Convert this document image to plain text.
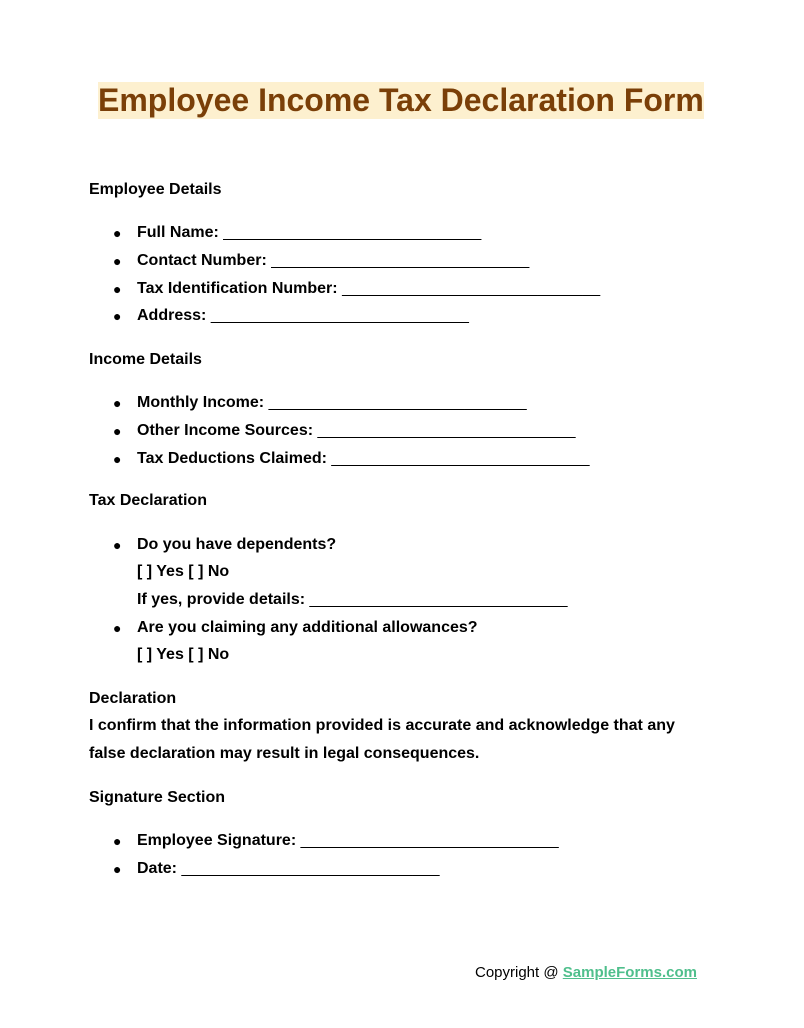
Employee Income Tax Declaration Form
Employee Details
● Full Name: _____________________________
● Contact Number: _____________________________
● Tax Identification Number: _____________________________
● Address: _____________________________
Income Details
● Monthly Income: _____________________________
● Other Income Sources: _____________________________
● Tax Deductions Claimed: _____________________________
Tax Declaration
● Do you have dependents?
[ ] Yes [ ] No
If yes, provide details: _____________________________
● Are you claiming any additional allowances?
[ ] Yes [ ] No
Declaration

I confirm that the information provided is accurate and acknowledge that any false declaration may result in legal consequences.

Signature Section
● Employee Signature: _____________________________
● Date: _____________________________
Copyright @ SampleForms.com
